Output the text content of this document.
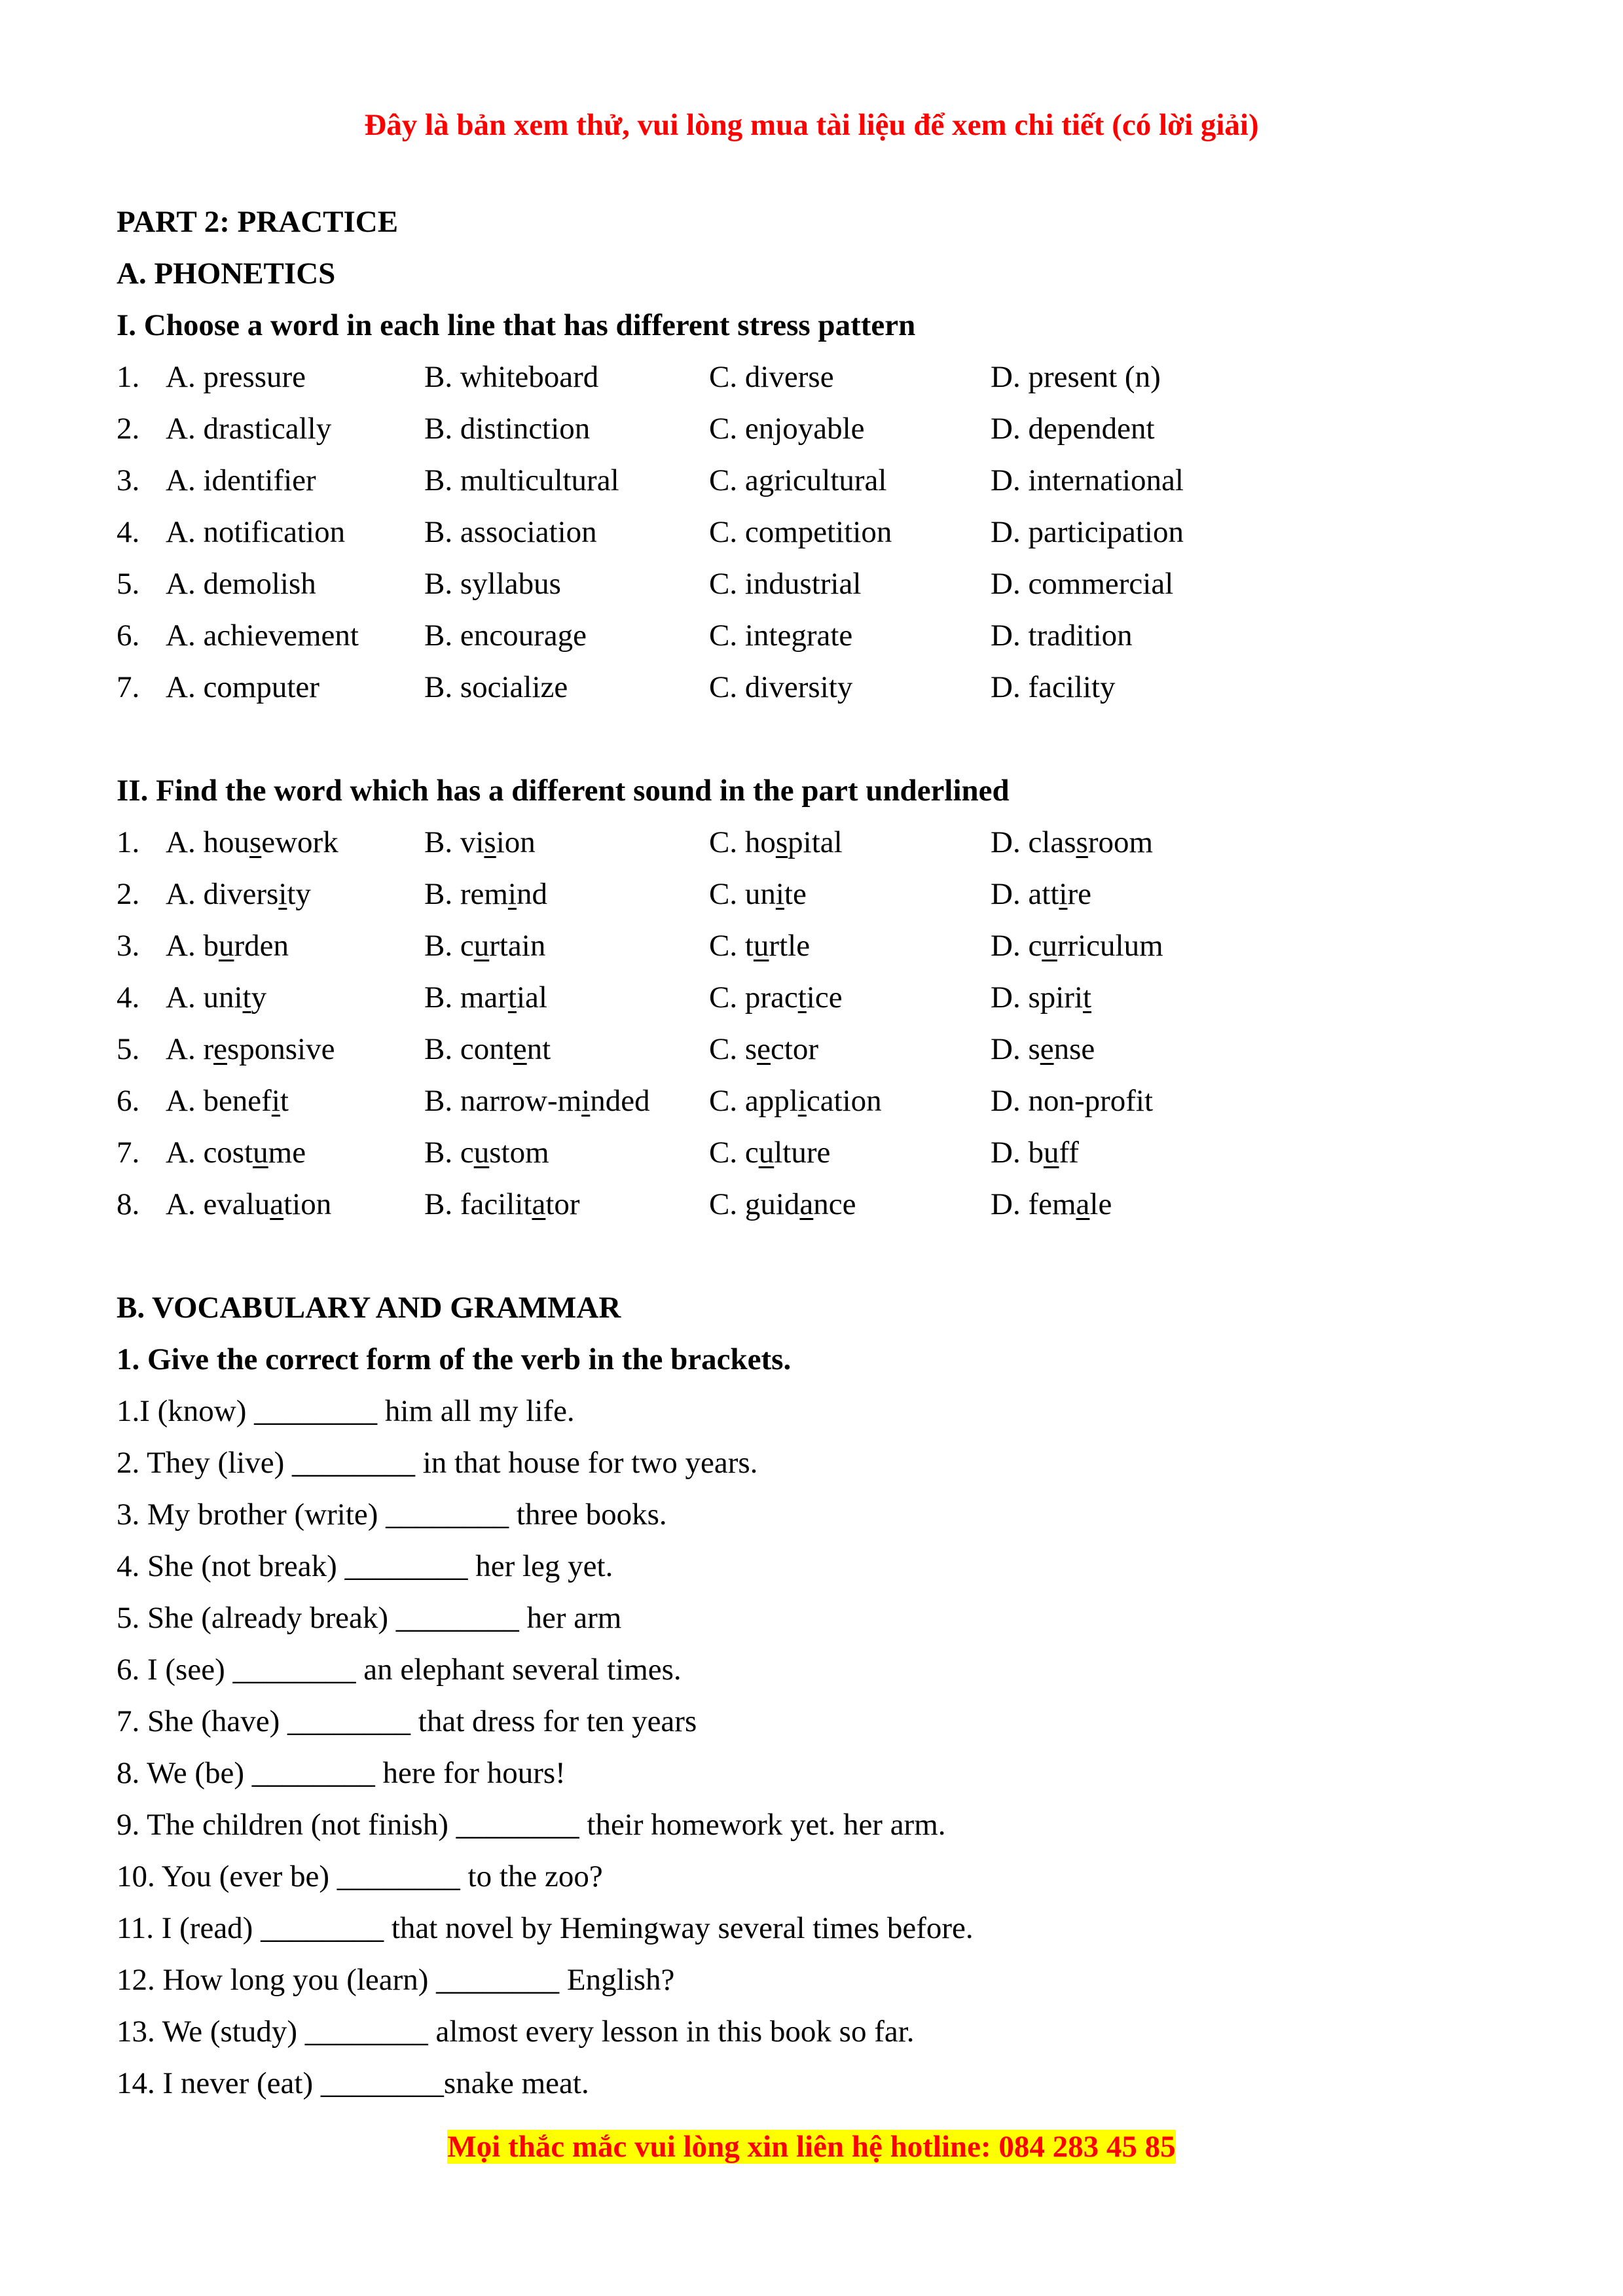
Đây là bản xem thử, vui lòng mua tài liệu để xem chi tiết (có lời giải)
PART 2: PRACTICE
A. PHONETICS
I. Choose a word in each line that has different stress pattern
1. A. pressure	B. whiteboard	C. diverse	D. present (n)
2. A. drastically	B. distinction	C. enjoyable	D. dependent
3. A. identifier	B. multicultural	C. agricultural	D. international
4. A. notification	B. association	C. competition	D. participation
5. A. demolish	B. syllabus	C. industrial	D. commercial
6. A. achievement B. encourage	C. integrate	D. tradition
7. A. computer	B. socialize	C. diversity	D. facility
II. Find the word which has a different sound in the part underlined
1. A. housework	B. vision	C. hospital	D. classroom
2. A. diversity	B. remind	C. unite	D. attire
3. A. burden	B. curtain	C. turtle	D. curriculum
4. A. unity	B. martial	C. practice	D. spirit
5. A. responsive	B. content	C. sector	D. sense
6. A. benefit	B. narrow-minded C. application	D. non-profit
7. A. costume	B. custom	C. culture	D. buff
8. A. evaluation	B. facilitator	C. guidance	D. female
B. VOCABULARY AND GRAMMAR
1. Give the correct form of the verb in the brackets.
1.I (know) ________ him all my life.
2. They (live) ________ in that house for two years.
3. My brother (write) ________ three books.
4. She (not break) ________ her leg yet.
5. She (already break) ________ her arm
6. I (see) ________ an elephant several times.
7. She (have) ________ that dress for ten years
8. We (be) ________ here for hours!
9. The children (not finish) ________ their homework yet. her arm.
10. You (ever be) ________ to the zoo?
11. I (read) ________ that novel by Hemingway several times before.
12. How long you (learn) ________ English?
13. We (study) ________ almost every lesson in this book so far.
14. I never (eat) ________snake meat.
Mọi thắc mắc vui lòng xin liên hệ hotline: 084 283 45 85
